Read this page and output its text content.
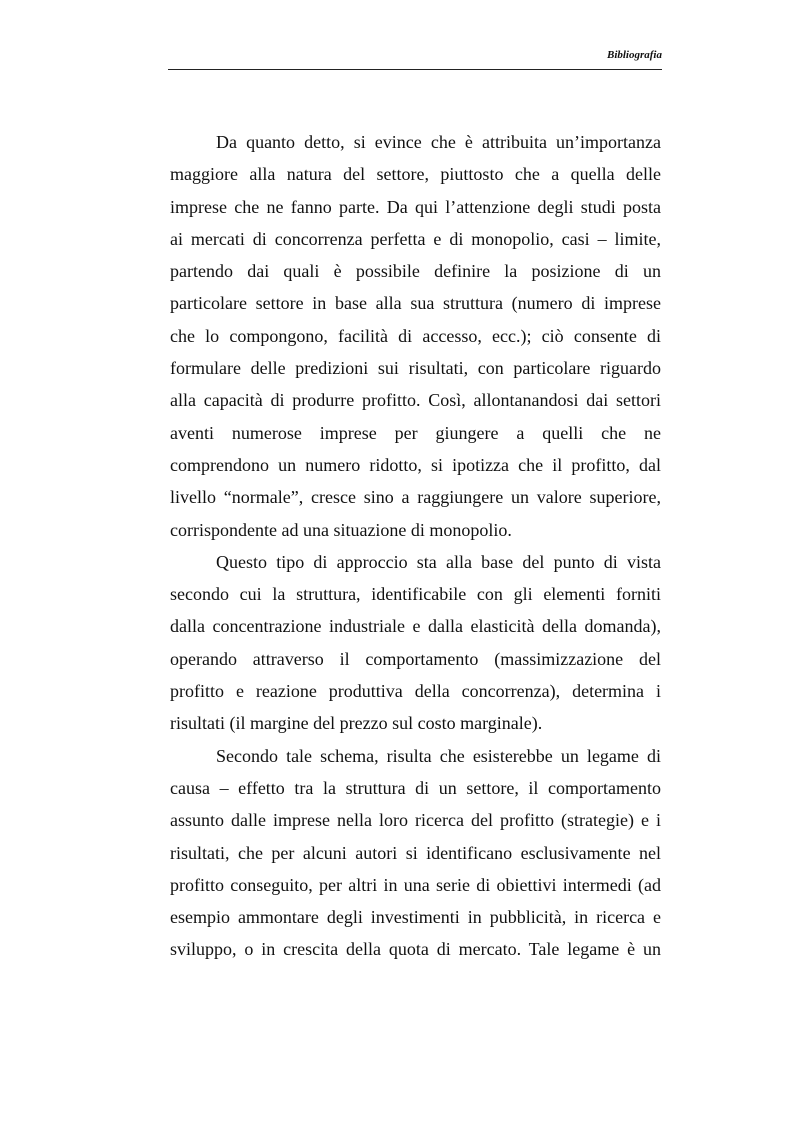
Bibliografia

Da quanto detto, si evince che è attribuita un’importanza
maggiore alla natura del settore, piuttosto che a quella delle
imprese che ne fanno parte. Da qui l’attenzione degli studi posta
ai mercati di concorrenza perfetta e di monopolio, casi – limite,
partendo dai quali è possibile definire la posizione di un
particolare settore in base alla sua struttura (numero di imprese
che lo compongono, facilità di accesso, ecc.); ciò consente di
formulare delle predizioni sui risultati, con particolare riguardo
alla capacità di produrre profitto. Così, allontanandosi dai settori
aventi numerose imprese per giungere a quelli che ne
comprendono un numero ridotto, si ipotizza che il profitto, dal
livello “normale”, cresce sino a raggiungere un valore superiore,
corrispondente ad una situazione di monopolio.

Questo tipo di approccio sta alla base del punto di vista
secondo cui la struttura, identificabile con gli elementi forniti
dalla concentrazione industriale e dalla elasticità della domanda),
operando attraverso il comportamento (massimizzazione del
profitto e reazione produttiva della concorrenza), determina i
risultati (il margine del prezzo sul costo marginale).

Secondo tale schema, risulta che esisterebbe un legame di
causa – effetto tra la struttura di un settore, il comportamento
assunto dalle imprese nella loro ricerca del profitto (strategie) e i
risultati, che per alcuni autori si identificano esclusivamente nel
profitto conseguito, per altri in una serie di obiettivi intermedi (ad
esempio ammontare degli investimenti in pubblicità, in ricerca e
sviluppo, o in crescita della quota di mercato. Tale legame è un
